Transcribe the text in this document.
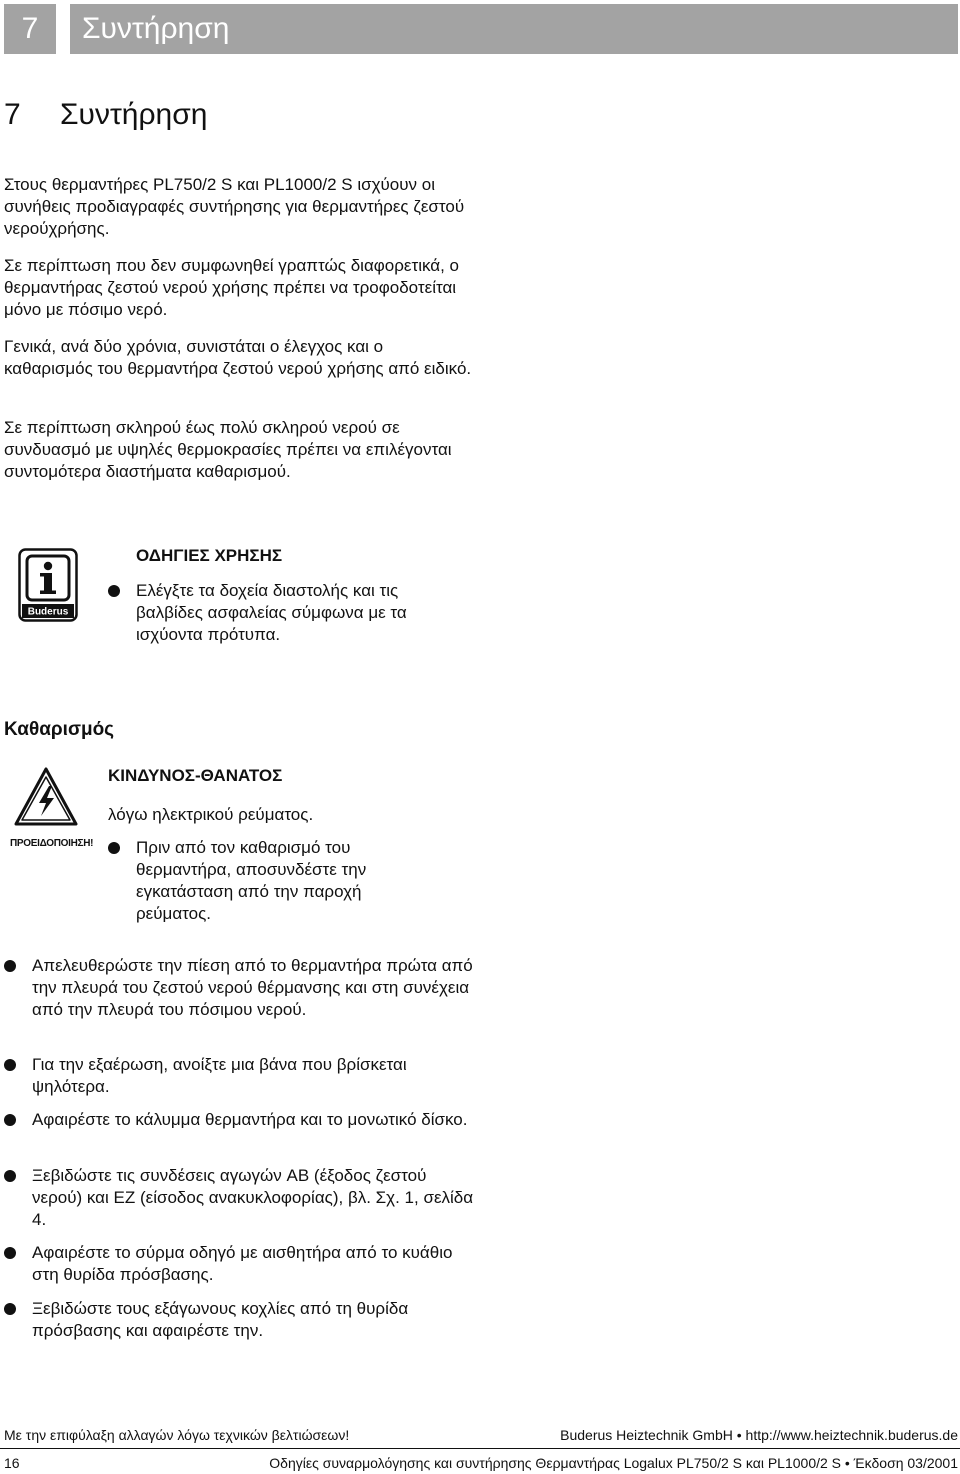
7	Συντήρηση
7 Συντήρηση

Στους θερμαντήρες PL750/2 S και PL1000/2 S ισχύουν οι συνήθεις προδιαγραφές συντήρησης για θερμαντήρες ζεστού νερούχρήσης.

Σε περίπτωση που δεν συμφωνηθεί γραπτώς διαφορετικά, ο θερμαντήρας ζεστού νερού χρήσης πρέπει να τροφοδοτείται μόνο με πόσιμο νερό.

Γενικά, ανά δύο χρόνια, συνιστάται ο έλεγχος και ο καθαρισμός του θερμαντήρα ζεστού νερού χρήσης από ειδικό.

Σε περίπτωση σκληρού έως πολύ σκληρού νερού σε συνδυασμό με υψηλές θερμοκρασίες πρέπει να επιλέγονται συντομότερα διαστήματα καθαρισμού.

Buderus
ΟΔΗΓΙΕΣ ΧΡΗΣΗΣ
Ελέγξτε τα δοχεία διαστολής και τις βαλβίδες ασφαλείας σύμφωνα με τα ισχύοντα πρότυπα.
Καθαρισμός
ΠΡΟΕΙΔΟΠΟΙΗΣΗ!
ΚΙΝΔΥΝΟΣ-ΘΑΝΑΤΟΣ
λόγω ηλεκτρικού ρεύματος.
Πριν από τον καθαρισμό του θερμαντήρα, αποσυνδέστε την εγκατάσταση από την παροχή ρεύματος.
Απελευθερώστε την πίεση από το θερμαντήρα πρώτα από την πλευρά του ζεστού νερού θέρμανσης και στη συνέχεια από την πλευρά του πόσιμου νερού.
Για την εξαέρωση, ανοίξτε μια βάνα που βρίσκεται ψηλότερα.
Αφαιρέστε το κάλυμμα θερμαντήρα και το μονωτικό δίσκο.
Ξεβιδώστε τις συνδέσεις αγωγών AB (έξοδος ζεστού νερού) και EZ (είσοδος ανακυκλοφορίας), βλ. Σχ. 1, σελίδα 4.
Αφαιρέστε το σύρμα οδηγό με αισθητήρα από το κυάθιο στη θυρίδα πρόσβασης.
Ξεβιδώστε τους εξάγωνους κοχλίες από τη θυρίδα πρόσβασης και αφαιρέστε την.
Με την επιφύλαξη αλλαγών λόγω τεχνικών βελτιώσεων!	Buderus Heiztechnik GmbH • http://www.heiztechnik.buderus.de
16	Οδηγίες συναρμολόγησης και συντήρησης Θερμαντήρας Logalux PL750/2 S και PL1000/2 S • Έκδοση 03/2001
